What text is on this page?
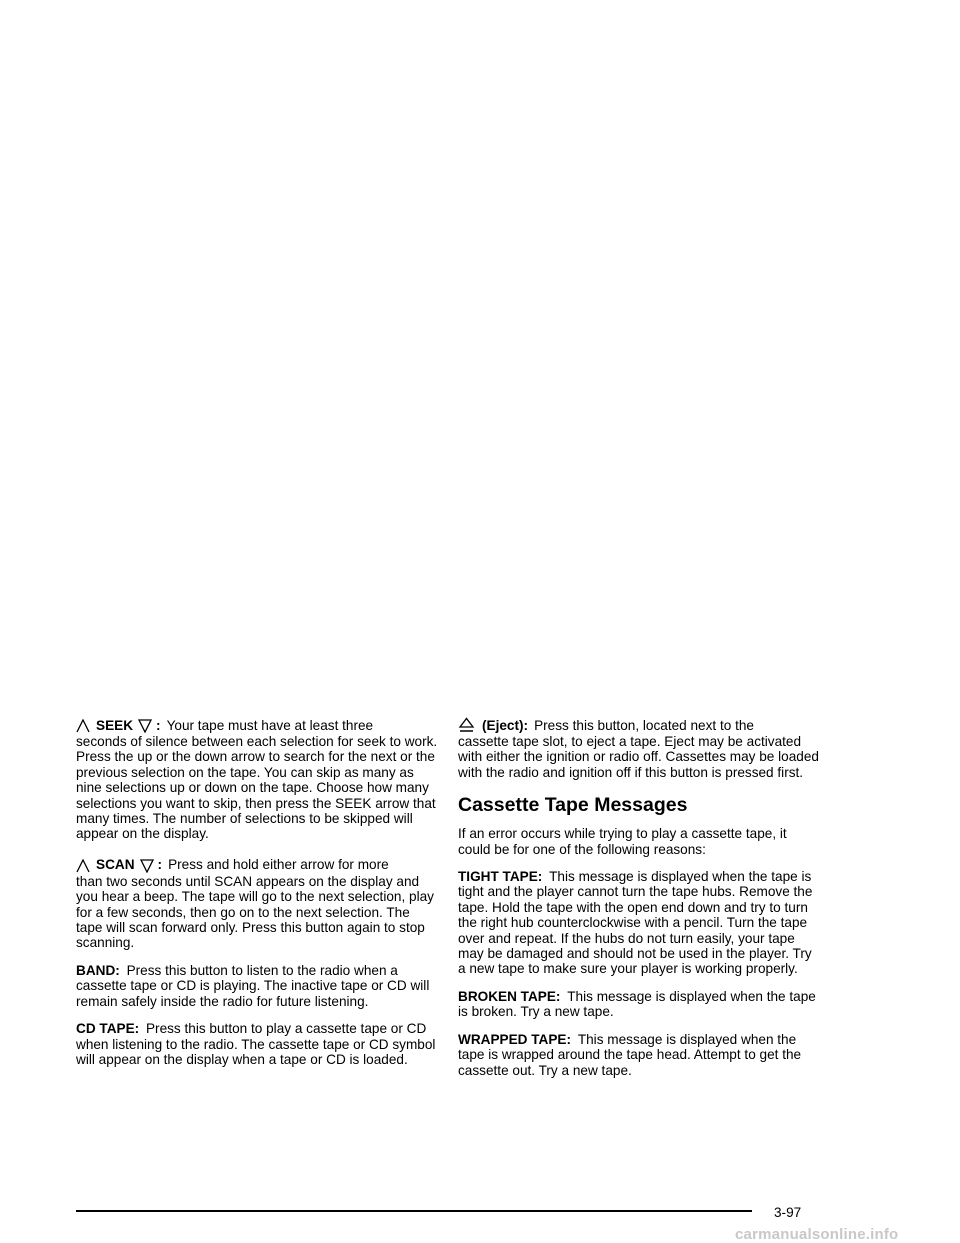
SEEK : Your tape must have at least three
seconds of silence between each selection for seek to work. Press the up or the down arrow to search for the next or the previous selection on the tape. You can skip as many as nine selections up or down on the tape. Choose how many selections you want to skip, then press the SEEK arrow that many times. The number of selections to be skipped will appear on the display.
SCAN : Press and hold either arrow for more
than two seconds until SCAN appears on the display and you hear a beep. The tape will go to the next selection, play for a few seconds, then go on to the next selection. The tape will scan forward only. Press this button again to stop scanning.

BAND: Press this button to listen to the radio when a cassette tape or CD is playing. The inactive tape or CD will remain safely inside the radio for future listening.

CD TAPE: Press this button to play a cassette tape or CD when listening to the radio. The cassette tape or CD symbol will appear on the display when a tape or CD is loaded.

(Eject): Press this button, located next to the
cassette tape slot, to eject a tape. Eject may be activated with either the ignition or radio off. Cassettes may be loaded with the radio and ignition off if this button is pressed first.
Cassette Tape Messages

If an error occurs while trying to play a cassette tape, it could be for one of the following reasons:

TIGHT TAPE: This message is displayed when the tape is tight and the player cannot turn the tape hubs. Remove the tape. Hold the tape with the open end down and try to turn the right hub counterclockwise with a pencil. Turn the tape over and repeat. If the hubs do not turn easily, your tape may be damaged and should not be used in the player. Try a new tape to make sure your player is working properly.

BROKEN TAPE: This message is displayed when the tape is broken. Try a new tape.

WRAPPED TAPE: This message is displayed when the tape is wrapped around the tape head. Attempt to get the cassette out. Try a new tape.

3-97
carmanualsonline.info
